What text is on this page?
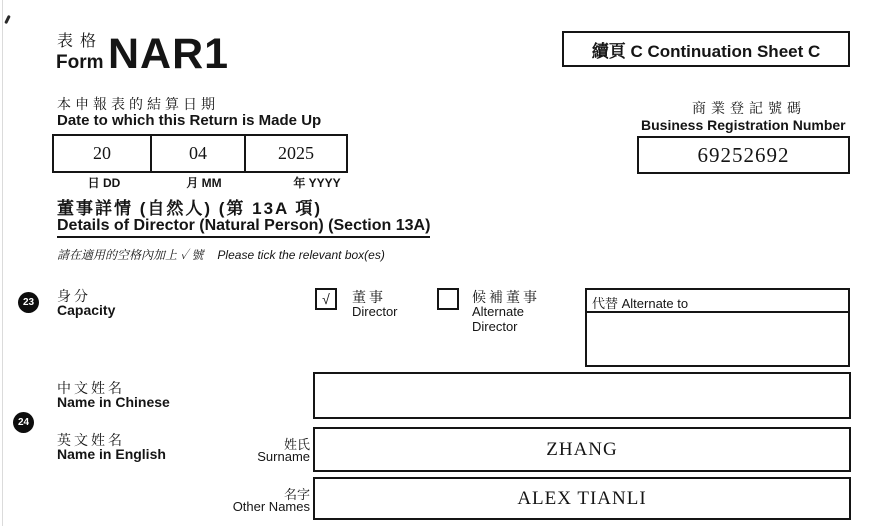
表格
Form NAR1	續頁 C Continuation Sheet C
本申報表的結算日期
Date to which this Return is Made Up
20	04	2025
日 DD	月 MM	年 YYYY
商業登記號碼
Business Registration Number
69252692
董事詳情 (自然人) (第 13A 項)
Details of Director (Natural Person) (Section 13A)
請在適用的空格內加上 ✓ 號 Please tick the relevant box(es)
23	身分
Capacity
√ 董事
Director
候補董事
Alternate
Director
代替 Alternate to
24
中文姓名
Name in Chinese
英文姓名
Name in English
姓氏
Surname	ZHANG
名字
Other Names	ALEX TIANLI
